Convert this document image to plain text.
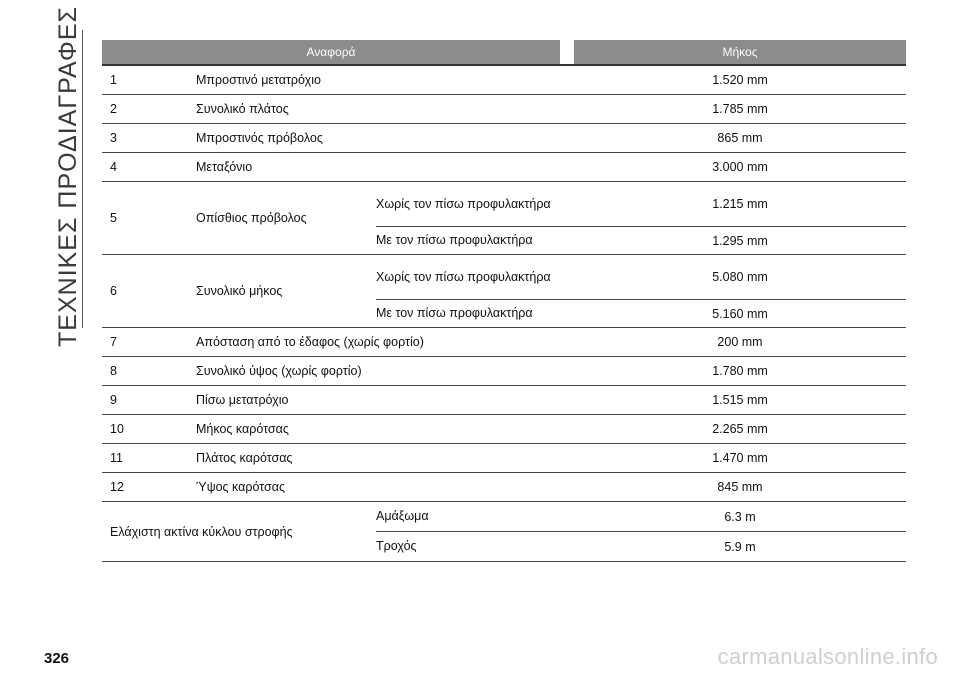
ΤΕΧΝΙΚΕΣ ΠΡΟΔΙΑΓΡΑΦΕΣ	Αναφορά	Μήκος
1	Μπροστινό μετατρόχιο	1.520 mm
2	Συνολικό πλάτος	1.785 mm
3	Μπροστινός πρόβολος	865 mm
4	Μεταξόνιο	3.000 mm
5	Οπίσθιος πρόβολος
Χωρίς τον πίσω προφυλακτήρα	1.215 mm
Με τον πίσω προφυλακτήρα	1.295 mm
6	Συνολικό μήκος
Χωρίς τον πίσω προφυλακτήρα	5.080 mm
Με τον πίσω προφυλακτήρα	5.160 mm
7	Απόσταση από το έδαφος (χωρίς φορτίο)	200 mm
8	Συνολικό ύψος (χωρίς φορτίο)	1.780 mm
9	Πίσω μετατρόχιο	1.515 mm
10	Μήκος καρότσας	2.265 mm
11	Πλάτος καρότσας	1.470 mm
12	Ύψος καρότσας	845 mm
Ελάχιστη ακτίνα κύκλου στροφής
Αμάξωμα	6.3 m
Τροχός	5.9 m
326	carmanualsonline.info
